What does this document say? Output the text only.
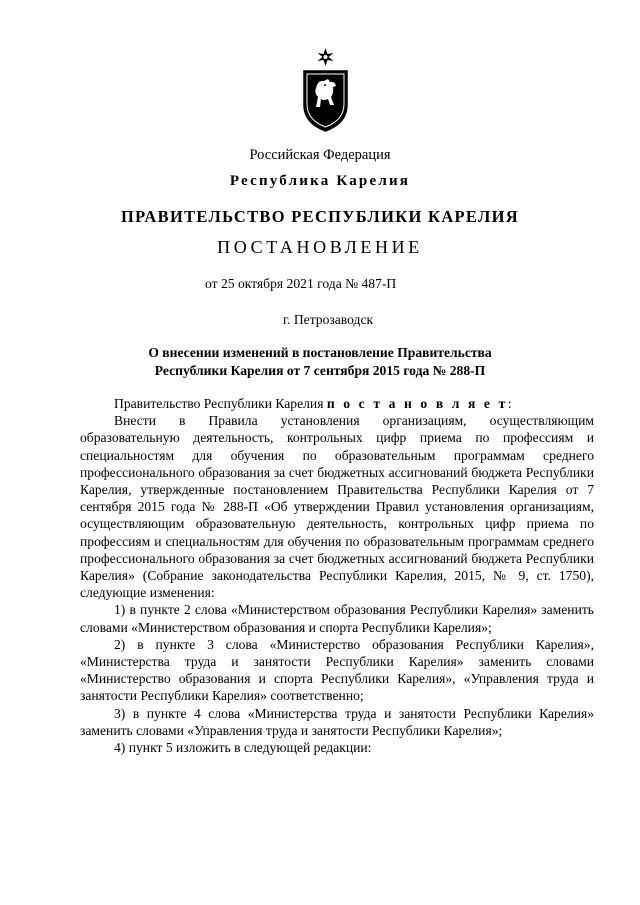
Российская Федерация
Республика Карелия
ПРАВИТЕЛЬСТВО РЕСПУБЛИКИ КАРЕЛИЯ
ПОСТАНОВЛЕНИЕ
от 25 октября 2021 года № 487-П
г. Петрозаводск
О внесении изменений в постановление Правительства
Республики Карелия от 7 сентября 2015 года № 288-П

Правительство Республики Карелия п о с т а н о в л я е т:

Внести в Правила установления организациям, осуществляющим образовательную деятельность, контрольных цифр приема по профессиям и специальностям для обучения по образовательным программам среднего профессионального образования за счет бюджетных ассигнований бюджета Республики Карелия, утвержденные постановлением Правительства Республики Карелия от 7 сентября 2015 года № 288-П «Об утверждении Правил установления организациям, осуществляющим образовательную деятельность, контрольных цифр приема по профессиям и специальностям для обучения по образовательным программам среднего профессионального образования за счет бюджетных ассигнований бюджета Республики Карелия» (Собрание законодательства Республики Карелия, 2015, № 9, ст. 1750), следующие изменения:

1) в пункте 2 слова «Министерством образования Республики Карелия» заменить словами «Министерством образования и спорта Республики Карелия»;

2) в пункте 3 слова «Министерство образования Республики Карелия», «Министерства труда и занятости Республики Карелия» заменить словами «Министерство образования и спорта Республики Карелия», «Управления труда и занятости Республики Карелия» соответственно;

3) в пункте 4 слова «Министерства труда и занятости Республики Карелия» заменить словами «Управления труда и занятости Республики Карелия»;

4) пункт 5 изложить в следующей редакции:
